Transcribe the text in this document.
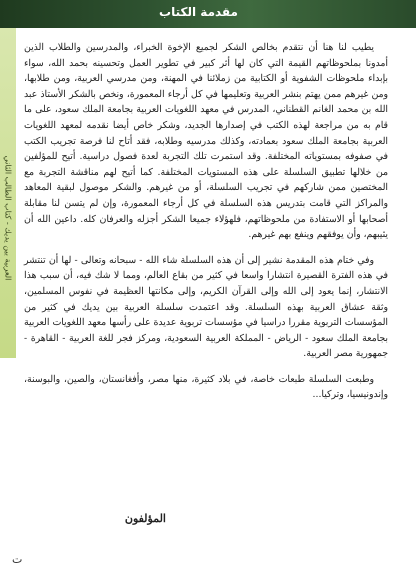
مقدمة الكتاب
العربية بين يديك - كتاب الطالب الثاني

يطيب لنا هنا أن نتقدم بخالص الشكر لجميع الإخوة الخبراء، والمدرسين والطلاب الذين أمدونا بملحوظاتهم القيمة التي كان لها أثر كبير في تطوير العمل وتحسينه بحمد الله، سواء بإبداء ملحوظات الشفوية أو الكتابية من زملائنا في المهنة، ومن مدرسي العربية، ومن طلابها، ومن غيرهم ممن يهتم بنشر العربية وتعليمها في كل أرجاء المعمورة، ونخص بالشكر الأستاذ عبد الله بن محمد الغانم القطناني، المدرس في معهد اللغويات العربية بجامعة الملك سعود، على ما قام به من مراجعة لهذه الكتب في إصدارها الجديد، وشكر خاص أيضا نقدمه لمعهد اللغويات العربية بجامعة الملك سعود بعمادته، وكذلك مدرسيه وطلابه، فقد أتاح لنا فرصة تجريب الكتب في صفوفه بمستوياته المختلفة. وقد استمرت تلك التجربة لعدة فصول دراسية. أتيح للمؤلفين من خلالها تطبيق السلسلة على هذه المستويات المختلفة. كما أتيح لهم مناقشة التجربة مع المختصين ممن شاركهم في تجريب السلسلة، أو من غيرهم. والشكر موصول لبقية المعاهد والمراكز التي قامت بتدريس هذه السلسلة في كل أرجاء المعمورة، وإن لم يتسن لنا مقابلة أصحابها أو الاستفادة من ملحوظاتهم، فلهؤلاء جميعا الشكر أجزله والعرفان كله. داعين الله أن يثيبهم، وأن يوفقهم وينفع بهم غيرهم.

وفي ختام هذه المقدمة نشير إلى أن هذه السلسلة شاء الله - سبحانه وتعالى - لها أن تنتشر في هذه الفترة القصيرة انتشارا واسعا في كثير من بقاع العالم، ومما لا شك فيه، أن سبب هذا الانتشار، إنما يعود إلى الله وإلى القرآن الكريم، وإلى مكانتها العظيمة في نفوس المسلمين، وثقة عشاق العربية بهذه السلسلة. وقد اعتمدت سلسلة العربية بين يديك في كثير من المؤسسات التربوية مقررا دراسيا في مؤسسات تربوية عديدة على رأسها معهد اللغويات العربية بجامعة الملك سعود - الرياض - المملكة العربية السعودية، ومركز فجر للغة العربية - القاهرة - جمهورية مصر العربية.

وطبعت السلسلة طبعات خاصة، في بلاد كثيرة، منها مصر، وأفغانستان، والصين، والبوسنة، وإندونيسيا، وتركيا...

المؤلفون
ت
